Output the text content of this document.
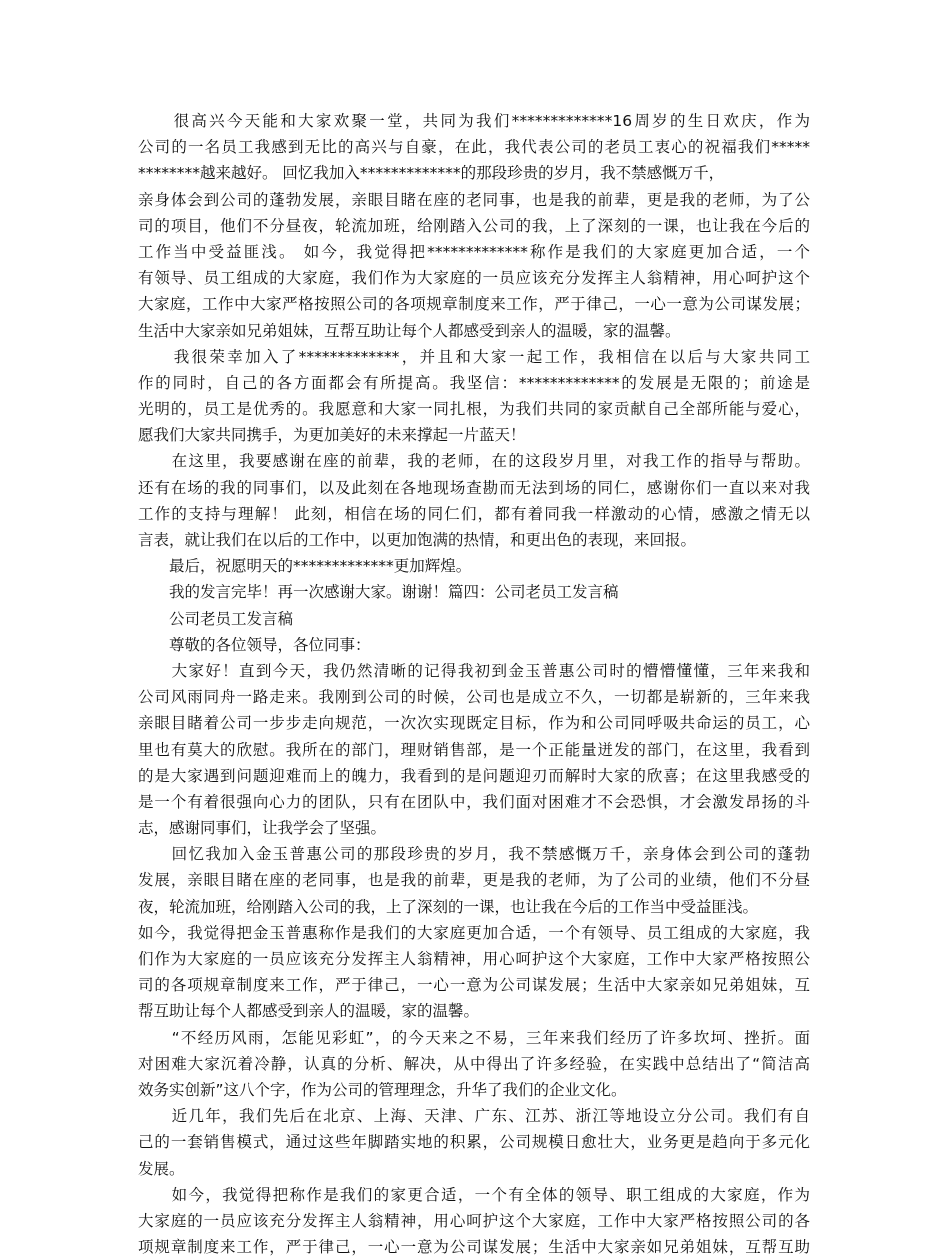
　　很高兴今天能和大家欢聚一堂，共同为我们*************16周岁的生日欢庆，作为
公司的一名员工我感到无比的高兴与自豪，在此，我代表公司的老员工衷心的祝福我们*****
********越来越好。 回忆我加入*************的那段珍贵的岁月，我不禁感慨万千，
亲身体会到公司的蓬勃发展，亲眼目睹在座的老同事，也是我的前辈，更是我的老师，为了公
司的项目，他们不分昼夜，轮流加班，给刚踏入公司的我，上了深刻的一课，也让我在今后的
工作当中受益匪浅。 如今，我觉得把*************称作是我们的大家庭更加合适，一个
有领导、员工组成的大家庭，我们作为大家庭的一员应该充分发挥主人翁精神，用心呵护这个
大家庭，工作中大家严格按照公司的各项规章制度来工作，严于律己，一心一意为公司谋发展；
生活中大家亲如兄弟姐妹，互帮互助让每个人都感受到亲人的温暖，家的温馨。
　　我很荣幸加入了*************，并且和大家一起工作，我相信在以后与大家共同工
作的同时，自己的各方面都会有所提高。我坚信：*************的发展是无限的；前途是
光明的，员工是优秀的。我愿意和大家一同扎根，为我们共同的家贡献自己全部所能与爱心，
愿我们大家共同携手，为更加美好的未来撑起一片蓝天！
　　在这里，我要感谢在座的前辈，我的老师，在的这段岁月里，对我工作的指导与帮助。
还有在场的我的同事们，以及此刻在各地现场查勘而无法到场的同仁，感谢你们一直以来对我
工作的支持与理解！ 此刻，相信在场的同仁们，都有着同我一样激动的心情，感激之情无以
言表，就让我们在以后的工作中，以更加饱满的热情，和更出色的表现，来回报。
　　最后，祝愿明天的*************更加辉煌。
　　我的发言完毕！再一次感谢大家。谢谢！篇四：公司老员工发言稿
　　公司老员工发言稿
　　尊敬的各位领导，各位同事：
　　大家好！直到今天，我仍然清晰的记得我初到金玉普惠公司时的懵懵懂懂，三年来我和
公司风雨同舟一路走来。我刚到公司的时候，公司也是成立不久，一切都是崭新的，三年来我
亲眼目睹着公司一步步走向规范，一次次实现既定目标，作为和公司同呼吸共命运的员工，心
里也有莫大的欣慰。我所在的部门，理财销售部，是一个正能量迸发的部门，在这里，我看到
的是大家遇到问题迎难而上的魄力，我看到的是问题迎刃而解时大家的欣喜；在这里我感受的
是一个有着很强向心力的团队，只有在团队中，我们面对困难才不会恐惧，才会激发昂扬的斗
志，感谢同事们，让我学会了坚强。
　　回忆我加入金玉普惠公司的那段珍贵的岁月，我不禁感慨万千，亲身体会到公司的蓬勃
发展，亲眼目睹在座的老同事，也是我的前辈，更是我的老师，为了公司的业绩，他们不分昼
夜，轮流加班，给刚踏入公司的我，上了深刻的一课，也让我在今后的工作当中受益匪浅。
如今，我觉得把金玉普惠称作是我们的大家庭更加合适，一个有领导、员工组成的大家庭，我
们作为大家庭的一员应该充分发挥主人翁精神，用心呵护这个大家庭，工作中大家严格按照公
司的各项规章制度来工作，严于律己，一心一意为公司谋发展；生活中大家亲如兄弟姐妹，互
帮互助让每个人都感受到亲人的温暖，家的温馨。
　　“不经历风雨，怎能见彩虹”，的今天来之不易，三年来我们经历了许多坎坷、挫折。面
对困难大家沉着冷静，认真的分析、解决，从中得出了许多经验，在实践中总结出了“简洁高
效务实创新”这八个字，作为公司的管理理念，升华了我们的企业文化。
　　近几年，我们先后在北京、上海、天津、广东、江苏、浙江等地设立分公司。我们有自
己的一套销售模式，通过这些年脚踏实地的积累，公司规模日愈壮大，业务更是趋向于多元化
发展。
　　如今，我觉得把称作是我们的家更合适，一个有全体的领导、职工组成的大家庭，作为
大家庭的一员应该充分发挥主人翁精神，用心呵护这个大家庭，工作中大家严格按照公司的各
项规章制度来工作，严于律己，一心一意为公司谋发展；生活中大家亲如兄弟姐妹，互帮互助
